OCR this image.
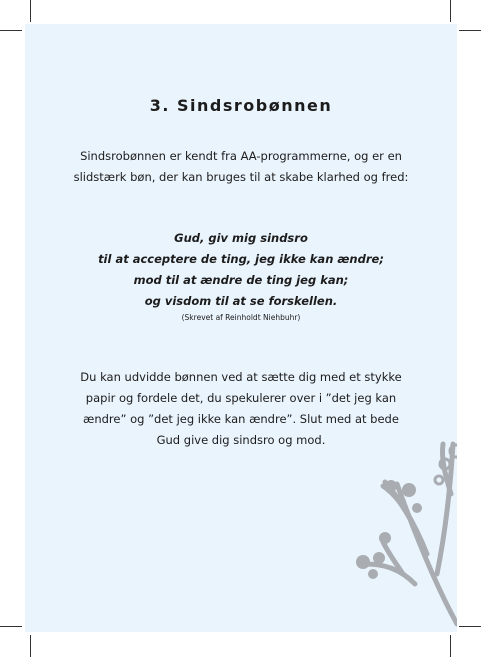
3. Sindsrobønnen
Sindsrobønnen er kendt fra AA-programmerne, og er en
slidstærk bøn, der kan bruges til at skabe klarhed og fred:
Gud, giv mig sindsro
til at acceptere de ting, jeg ikke kan ændre;
mod til at ændre de ting jeg kan;
og visdom til at se forskellen.
(Skrevet af Reinholdt Niehbuhr)
Du kan udvidde bønnen ved at sætte dig med et stykke
papir og fordele det, du spekulerer over i ”det jeg kan
ændre” og ”det jeg ikke kan ændre”. Slut med at bede
Gud give dig sindsro og mod.
